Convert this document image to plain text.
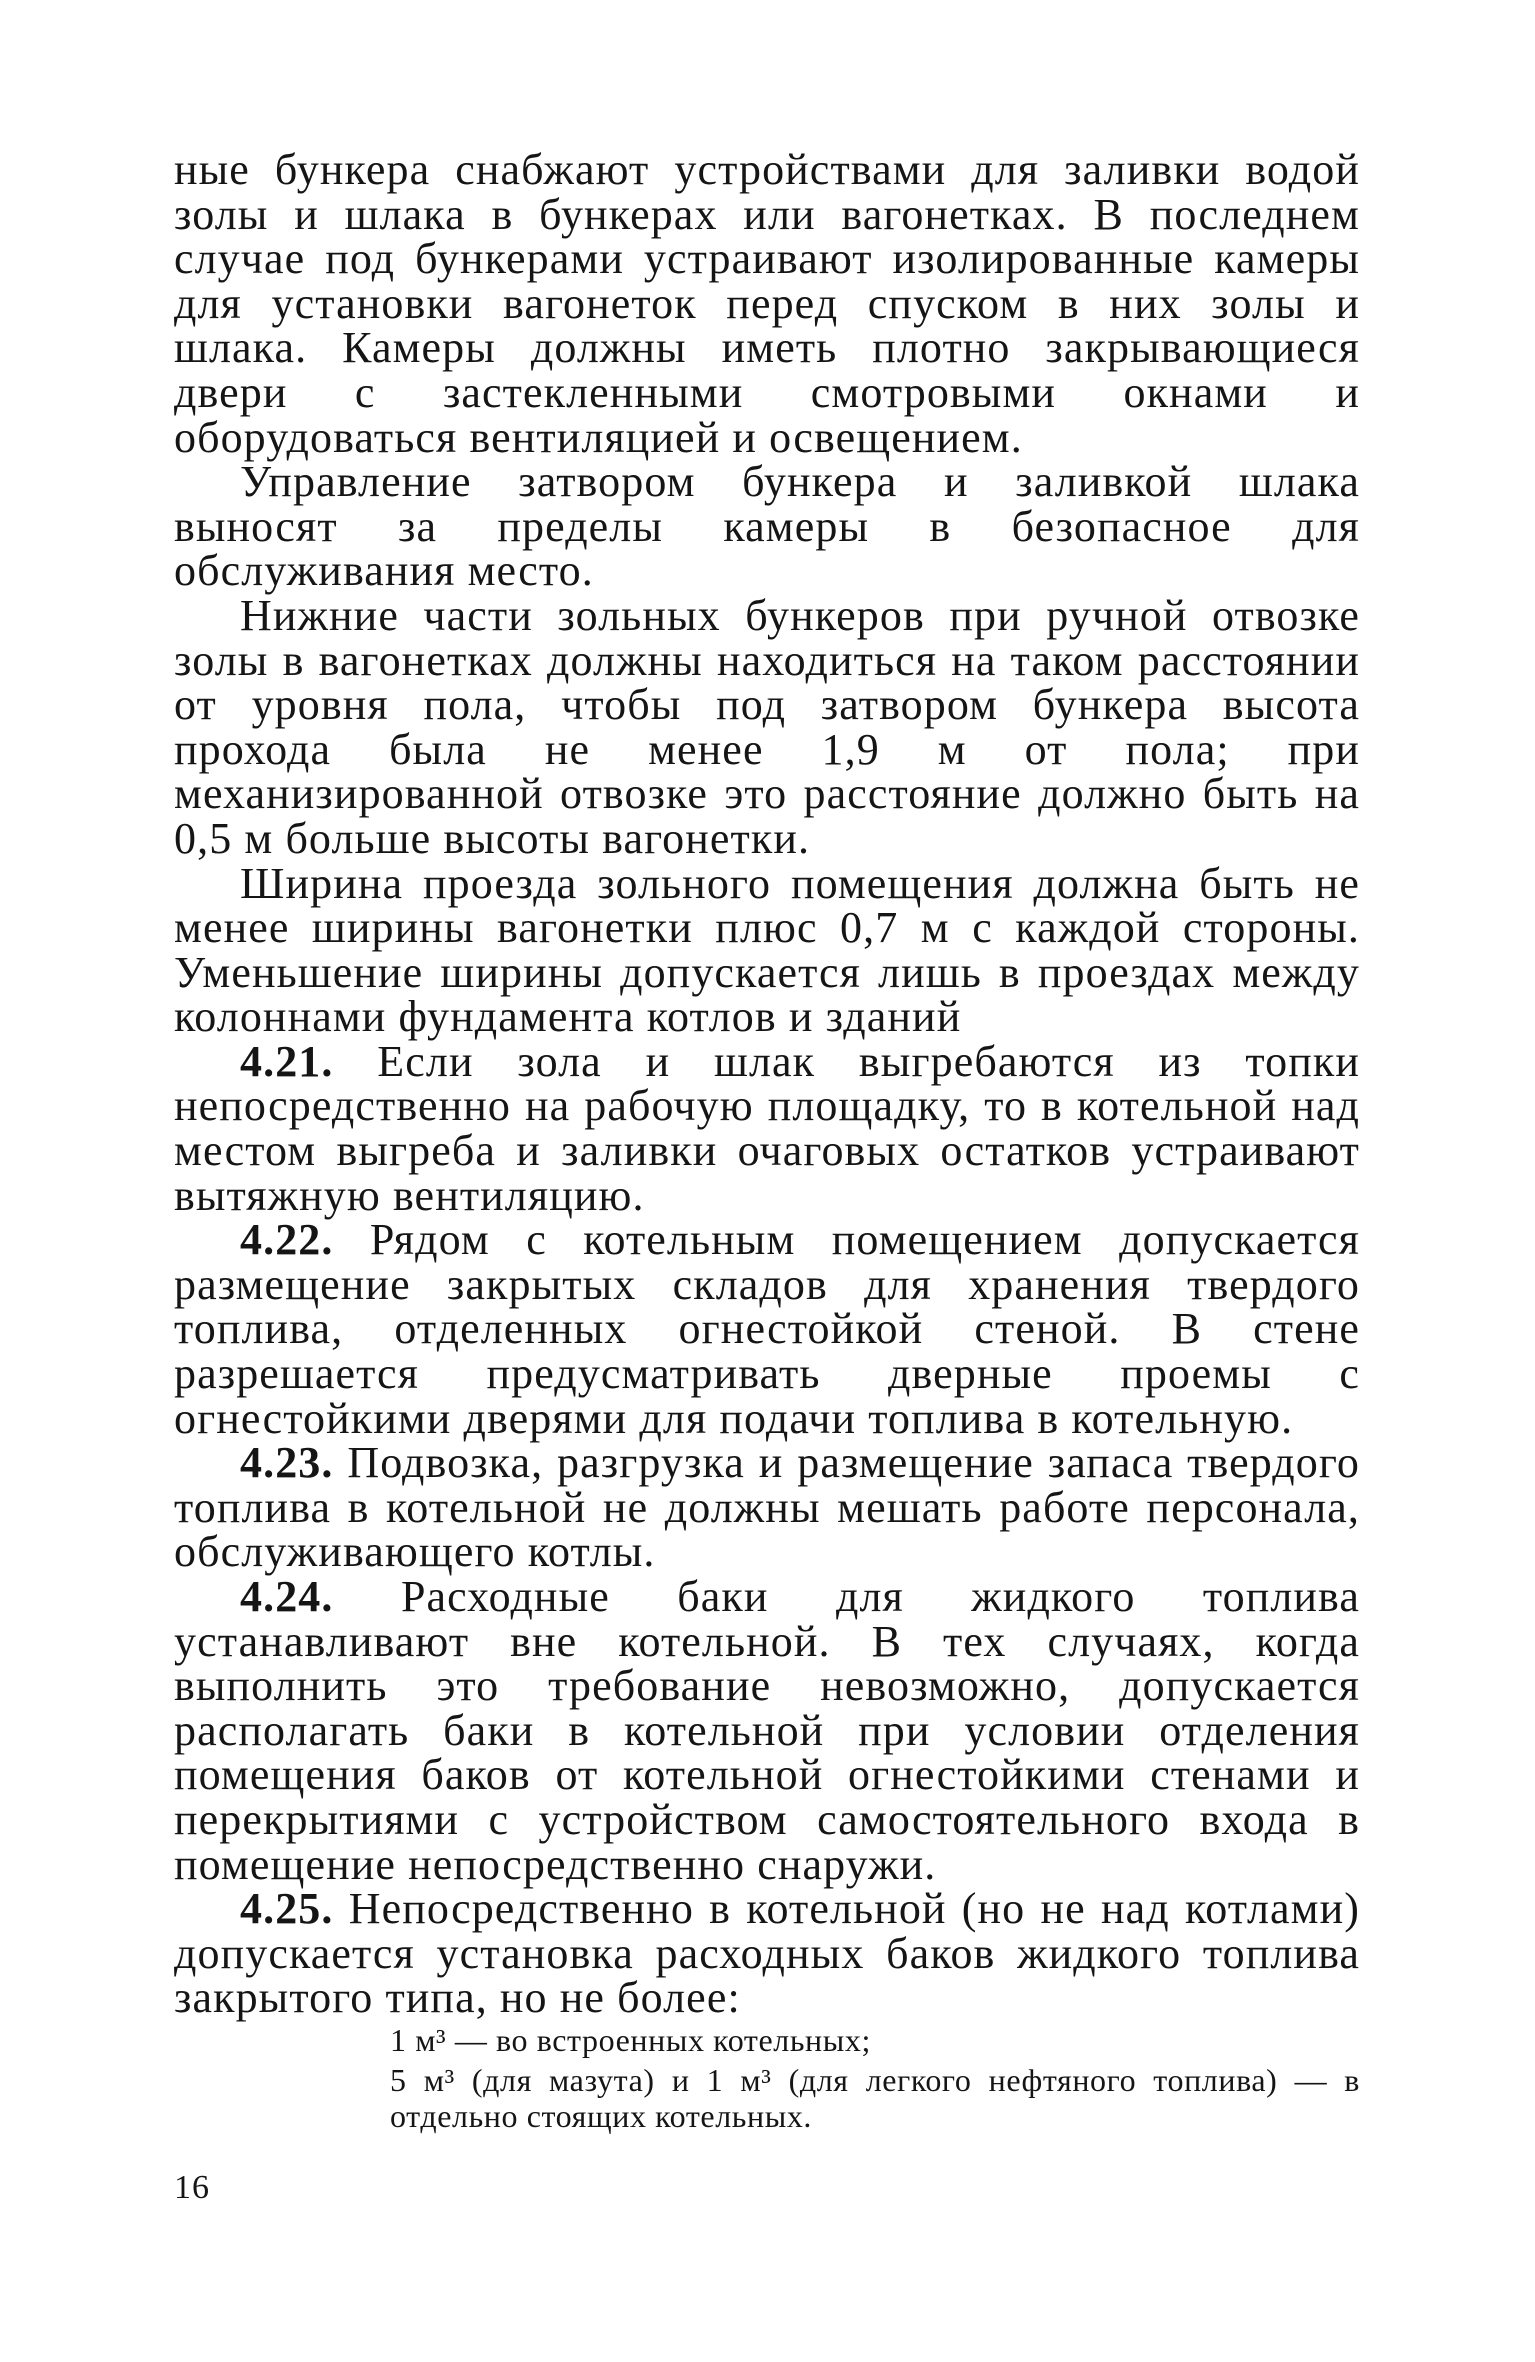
ные бункера снабжают устройствами для заливки водой золы и шлака в бункерах или вагонетках. В последнем случае под бункерами устраивают изолированные камеры для установки вагонеток перед спуском в них золы и шлака. Камеры должны иметь плотно закрывающиеся двери с застекленными смотровыми окнами и оборудоваться вентиляцией и освещением.

Управление затвором бункера и заливкой шлака выносят за пределы камеры в безопасное для обслуживания место.

Нижние части зольных бункеров при ручной отвозке золы в вагонетках должны находиться на таком расстоянии от уровня пола, чтобы под затвором бункера высота прохода была не менее 1,9 м от пола; при механизированной отвозке это расстояние должно быть на 0,5 м больше высоты вагонетки.

Ширина проезда зольного помещения должна быть не менее ширины вагонетки плюс 0,7 м с каждой стороны. Уменьшение ширины допускается лишь в проездах между колоннами фундамента котлов и зданий

4.21. Если зола и шлак выгребаются из топки непосредственно на рабочую площадку, то в котельной над местом выгреба и заливки очаговых остатков устраивают вытяжную вентиляцию.

4.22. Рядом с котельным помещением допускается размещение закрытых складов для хранения твердого топлива, отделенных огнестойкой стеной. В стене разрешается предусматривать дверные проемы с огнестойкими дверями для подачи топлива в котельную.

4.23. Подвозка, разгрузка и размещение запаса твердого топлива в котельной не должны мешать работе персонала, обслуживающего котлы.

4.24. Расходные баки для жидкого топлива устанавливают вне котельной. В тех случаях, когда выполнить это требование невозможно, допускается располагать баки в котельной при условии отделения помещения баков от котельной огнестойкими стенами и перекрытиями с устройством самостоятельного входа в помещение непосредственно снаружи.

4.25. Непосредственно в котельной (но не над котлами) допускается установка расходных баков жидкого топлива закрытого типа, но не более:

1 м³ — во встроенных котельных;

5 м³ (для мазута) и 1 м³ (для легкого нефтяного топлива) — в отдельно стоящих котельных.

16
